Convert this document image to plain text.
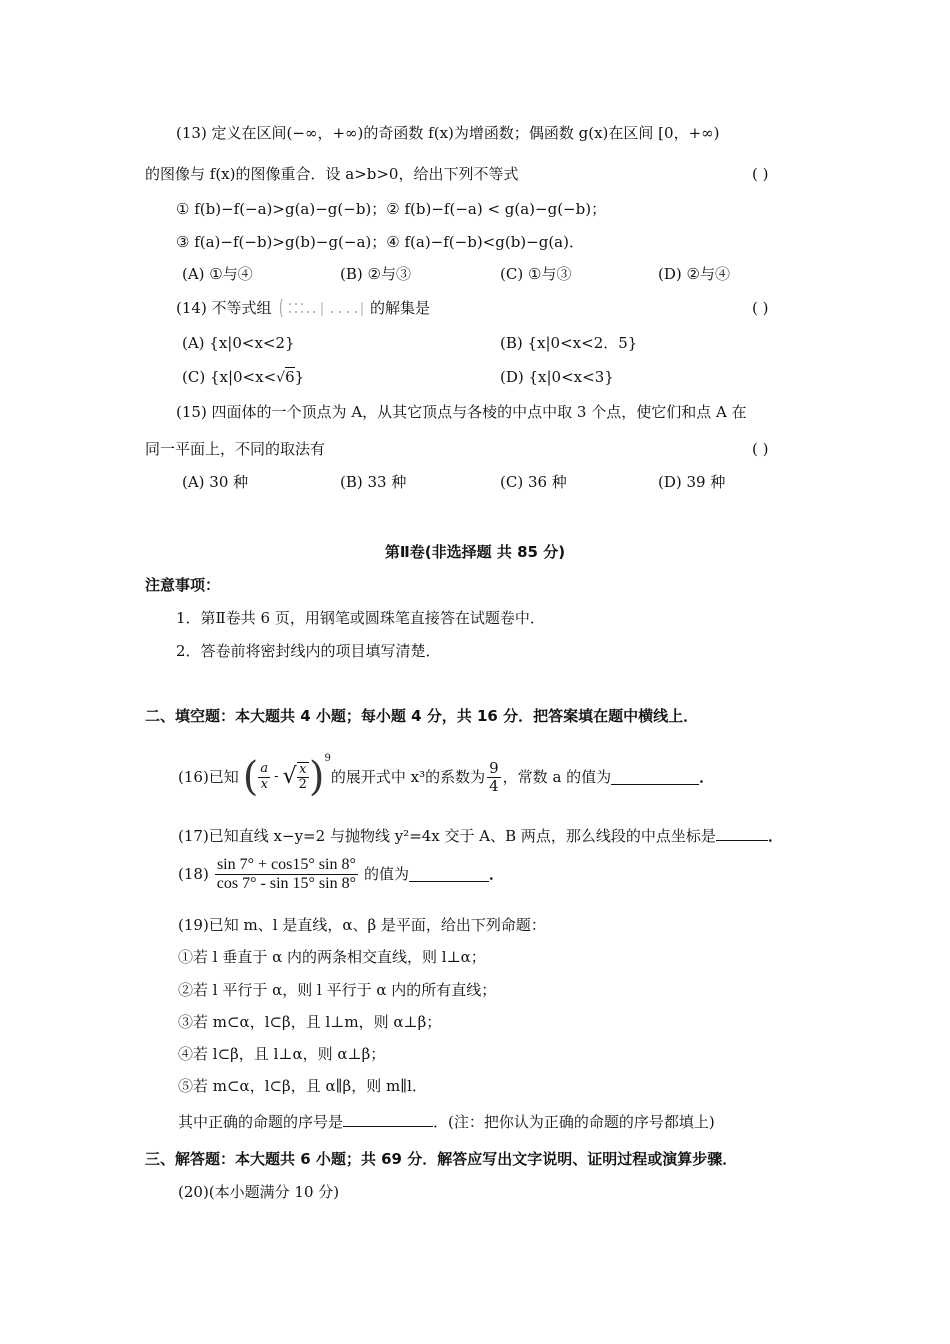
(13) 定义在区间(−∞，+∞)的奇函数 f(x)为增函数；偶函数 g(x)在区间 [0，+∞)
的图像与 f(x)的图像重合．设 a>b>0，给出下列不等式	( )
① f(b)−f(−a)>g(a)−g(−b)；② f(b)−f(−a) < g(a)−g(−b)；
③ f(a)−f(−b)>g(b)−g(−a)；④ f(a)−f(−b)<g(b)−g(a)．
(A) ①与④	(B) ②与③	(C) ①与③	(D) ②与④
(14) 不等式组	的解集是	( )
(A) {x|0<x<2}	(B) {x|0<x<2．5}
(C) {x|0<x<√6}	(D) {x|0<x<3}
(15) 四面体的一个顶点为 A，从其它顶点与各棱的中点中取 3 个点，使它们和点 A 在
同一平面上，不同的取法有	( )
(A) 30 种	(B) 33 种	(C) 36 种	(D) 39 种
第Ⅱ卷(非选择题 共 85 分)
注意事项：
1．第Ⅱ卷共 6 页，用钢笔或圆珠笔直接答在试题卷中．
2．答卷前将密封线内的项目填写清楚．
二、填空题：本大题共 4 小题；每小题 4 分，共 16 分．把答案填在题中横线上．
(16)已知 ( $\frac{a}{x}$ - √ $\frac{x}{2}$ ) 9
的展开式中 x³的系数为 $\frac{9}{4}$ ，常数 a 的值为	．
(17)已知直线 x−y=2 与抛物线 y²=4x 交于 A、B 两点，那么线段的中点坐标是	．
$(18) \frac{\sin 7^\circ + \cos 15^\circ \sin 8^\circ}{\cos 7^\circ - \sin 15^\circ \sin 8^\circ}$ 的值为	．
(19)已知 m、l 是直线，α、β 是平面，给出下列命题：
①若 l 垂直于 α 内的两条相交直线，则 l⊥α；
②若 l 平行于 α，则 l 平行于 α 内的所有直线；
③若 m⊂α，l⊂β，且 l⊥m，则 α⊥β；
④若 l⊂β，且 l⊥α，则 α⊥β；
⑤若 m⊂α，l⊂β，且 α∥β，则 m∥l．
其中正确的命题的序号是	．(注：把你认为正确的命题的序号都填上)
三、解答题：本大题共 6 小题；共 69 分．解答应写出文字说明、证明过程或演算步骤．
(20)(本小题满分 10 分)
